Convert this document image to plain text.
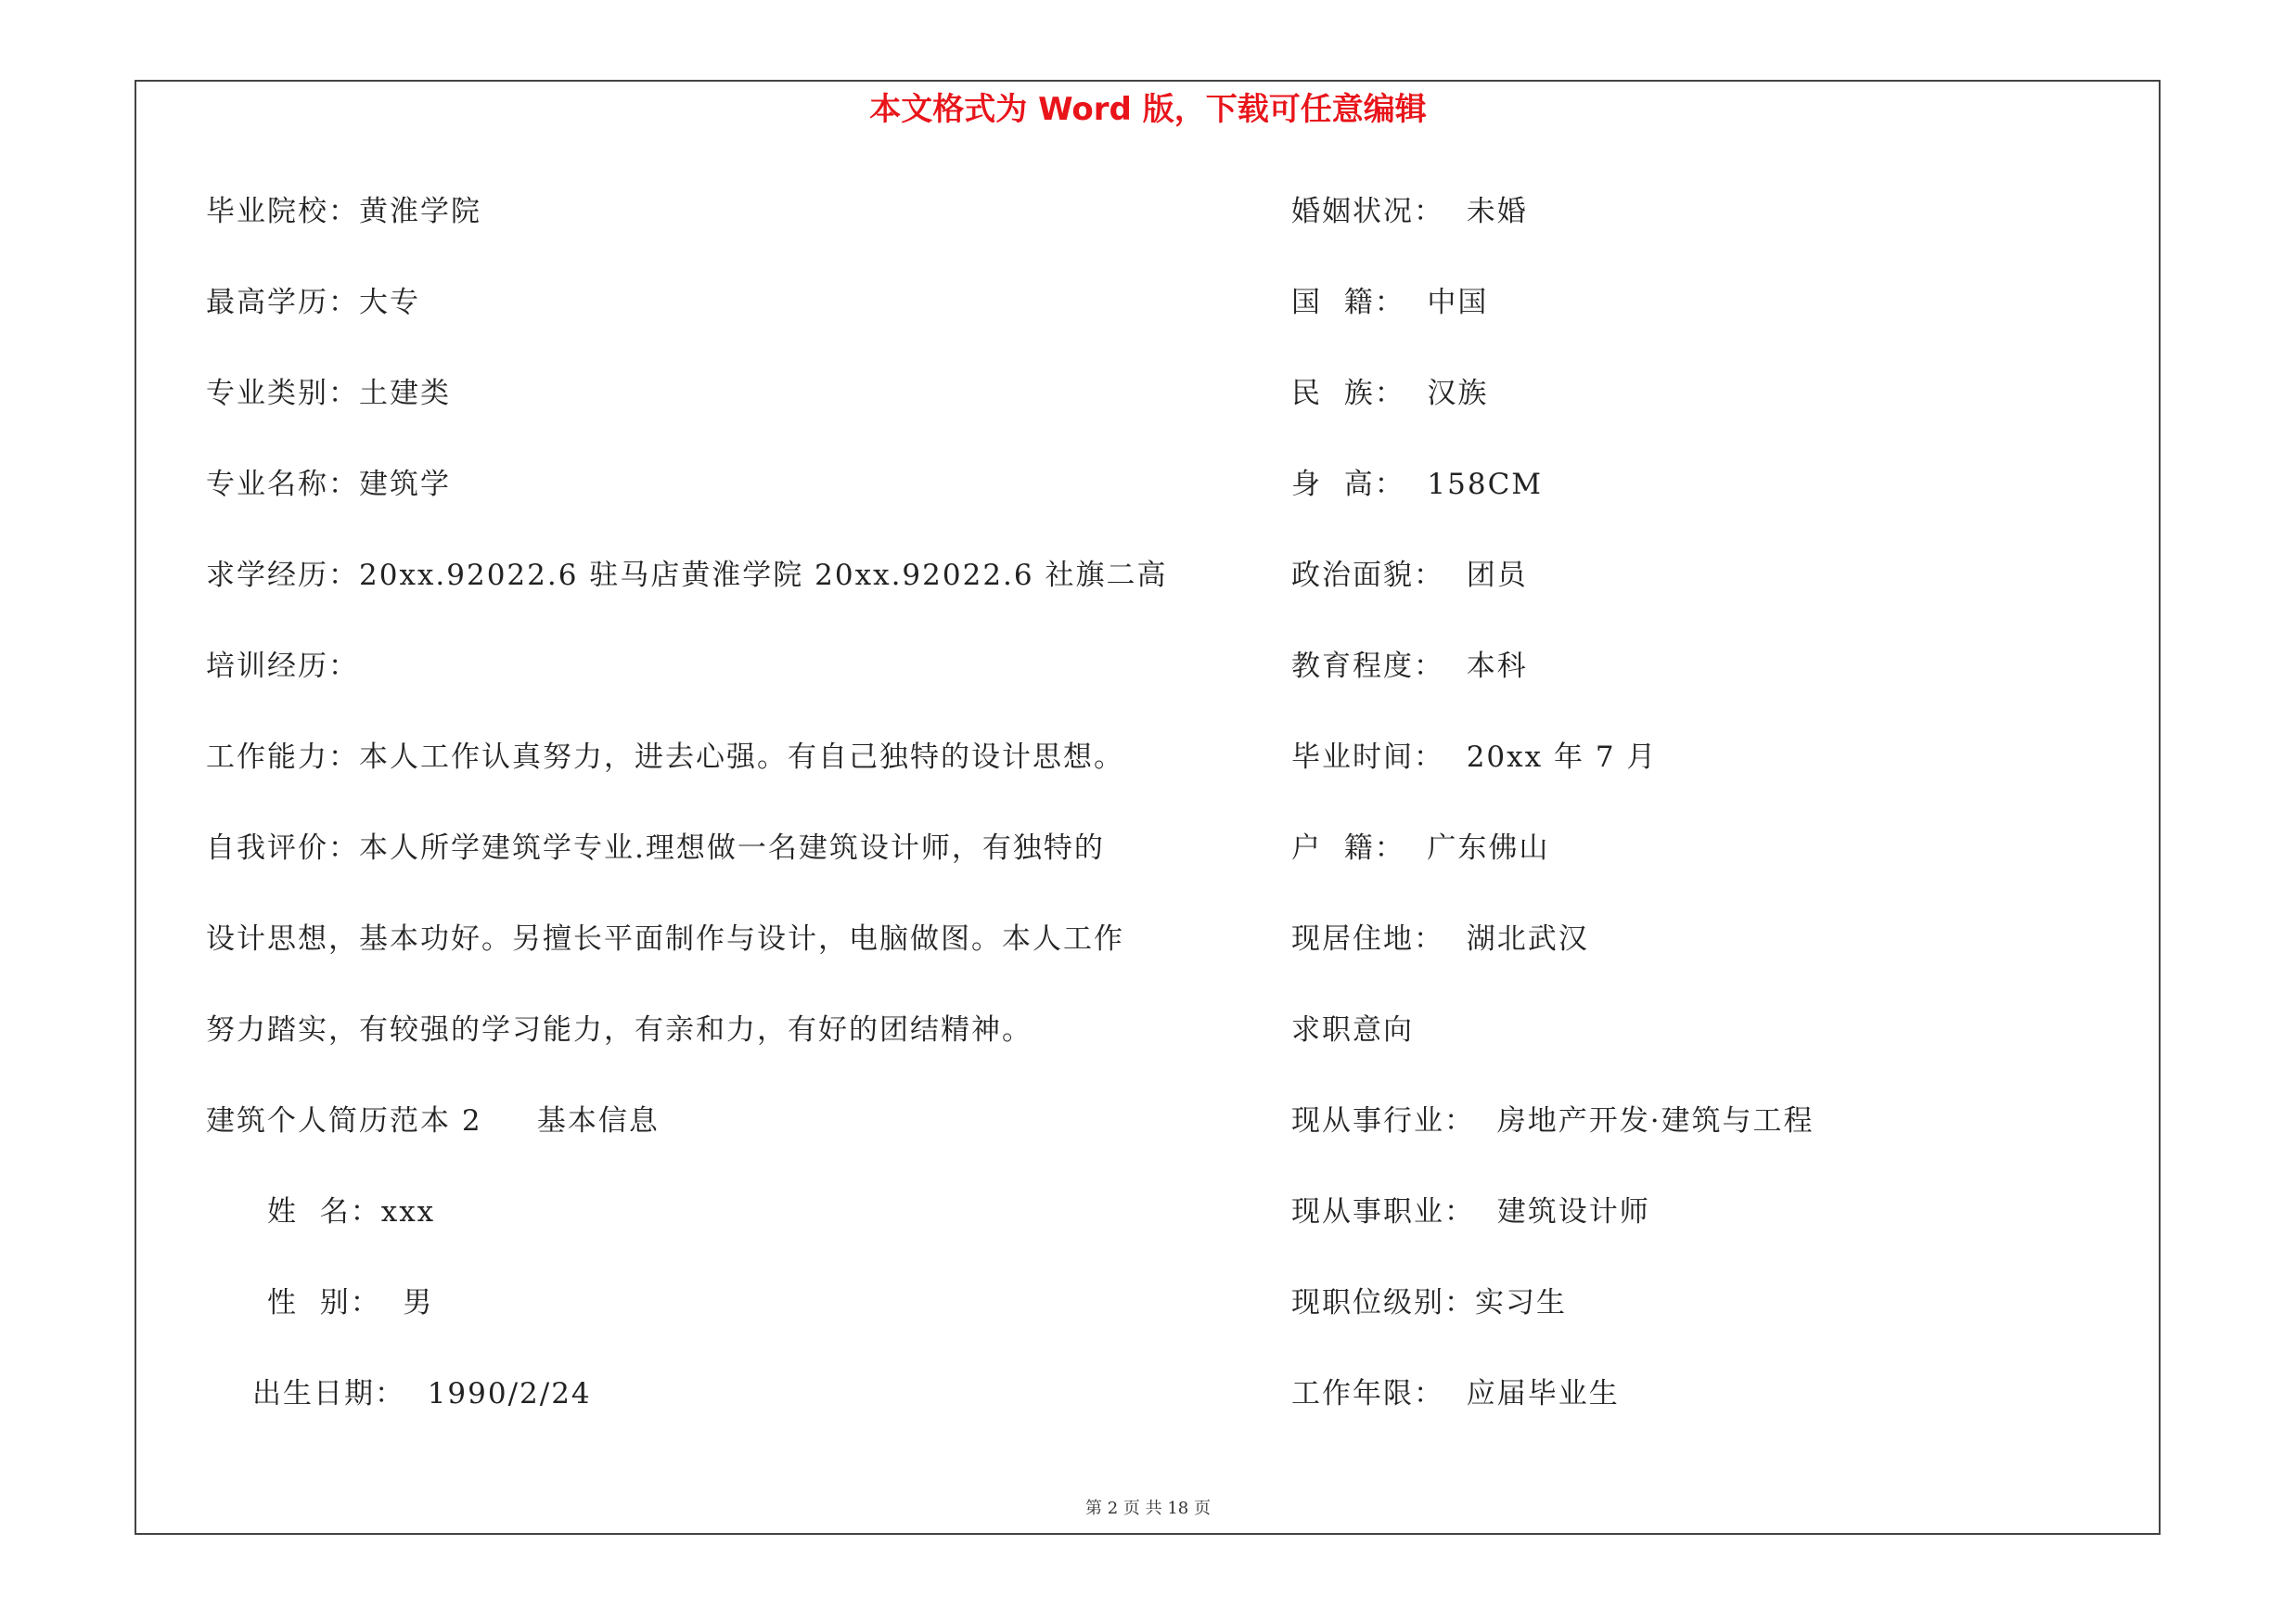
本文格式为 Word 版，下载可任意编辑
毕业院校：黄淮学院
最高学历：大专
专业类别：土建类
专业名称：建筑学
求学经历：20xx.92022.6 驻马店黄淮学院 20xx.92022.6 社旗二高
培训经历：
工作能力：本人工作认真努力，进去心强。有自己独特的设计思想。
自我评价：本人所学建筑学专业.理想做一名建筑设计师，有独特的
设计思想，基本功好。另擅长平面制作与设计，电脑做图。本人工作
努力踏实，有较强的学习能力，有亲和力，有好的团结精神。
建筑个人简历范本 2     基本信息
姓  名：xxx
性  别：  男
出生日期：  1990/2/24
婚姻状况：  未婚
国  籍：  中国
民  族：  汉族
身  高：  158CM
政治面貌：  团员
教育程度：  本科
毕业时间：  20xx 年 7 月
户  籍：  广东佛山
现居住地：  湖北武汉
求职意向
现从事行业：  房地产开发·建筑与工程
现从事职业：  建筑设计师
现职位级别：实习生
工作年限：  应届毕业生
第 2 页 共 18 页
